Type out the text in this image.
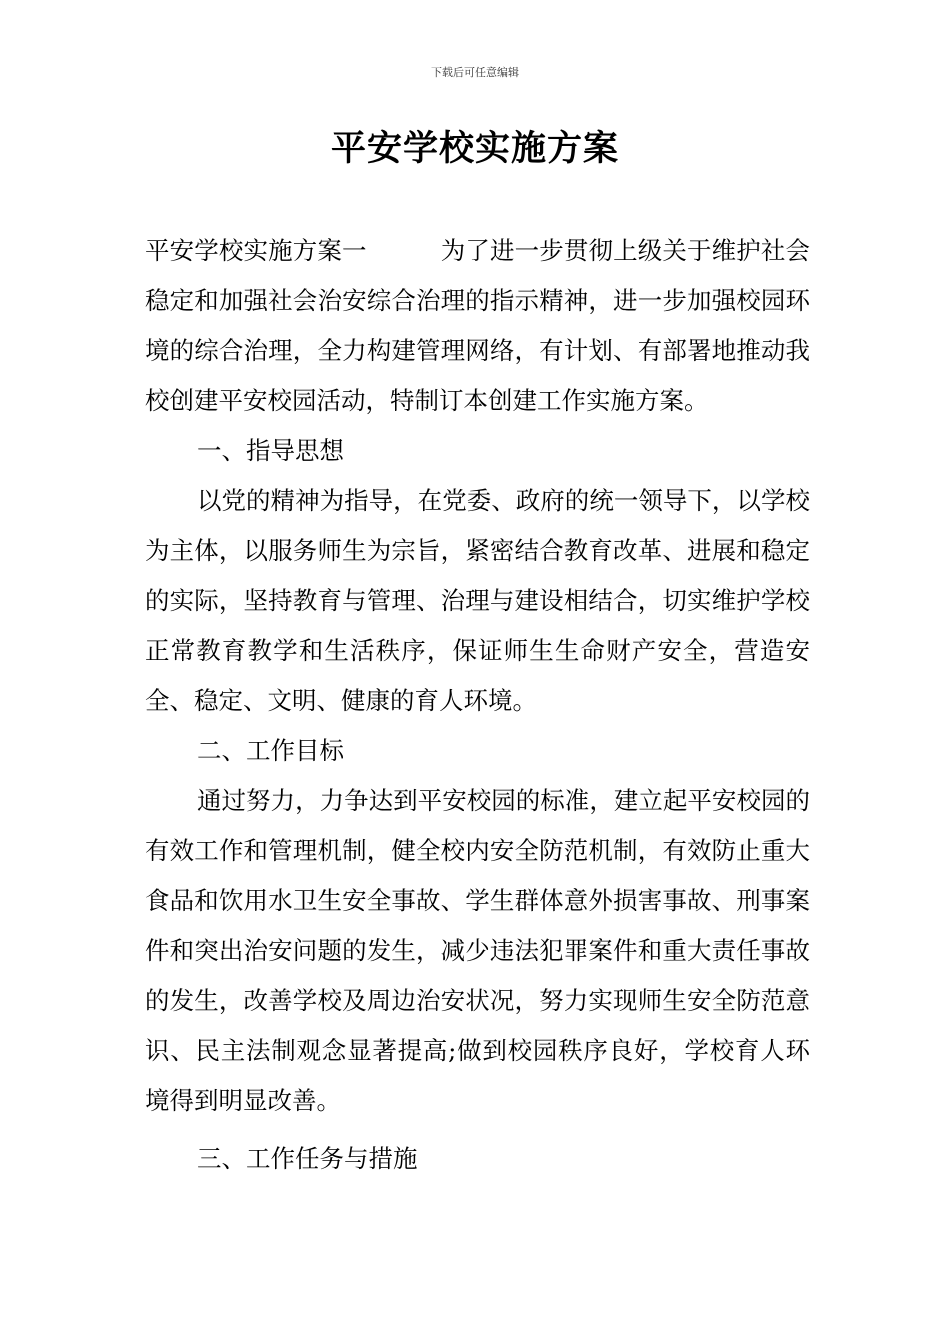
下载后可任意编辑
平安学校实施方案

平安学校实施方案一	为了进一步贯彻上级关于维护社会稳定和加强社会治安综合治理的指示精神，进一步加强校园环境的综合治理，全力构建管理网络，有计划、有部署地推动我校创建平安校园活动，特制订本创建工作实施方案。

一、指导思想

以党的精神为指导，在党委、政府的统一领导下，以学校为主体，以服务师生为宗旨，紧密结合教育改革、进展和稳定的实际，坚持教育与管理、治理与建设相结合，切实维护学校正常教育教学和生活秩序，保证师生生命财产安全，营造安全、稳定、文明、健康的育人环境。

二、工作目标

通过努力，力争达到平安校园的标准，建立起平安校园的有效工作和管理机制，健全校内安全防范机制，有效防止重大食品和饮用水卫生安全事故、学生群体意外损害事故、刑事案件和突出治安问题的发生，减少违法犯罪案件和重大责任事故的发生，改善学校及周边治安状况，努力实现师生安全防范意识、民主法制观念显著提高;做到校园秩序良好，学校育人环境得到明显改善。

三、工作任务与措施
